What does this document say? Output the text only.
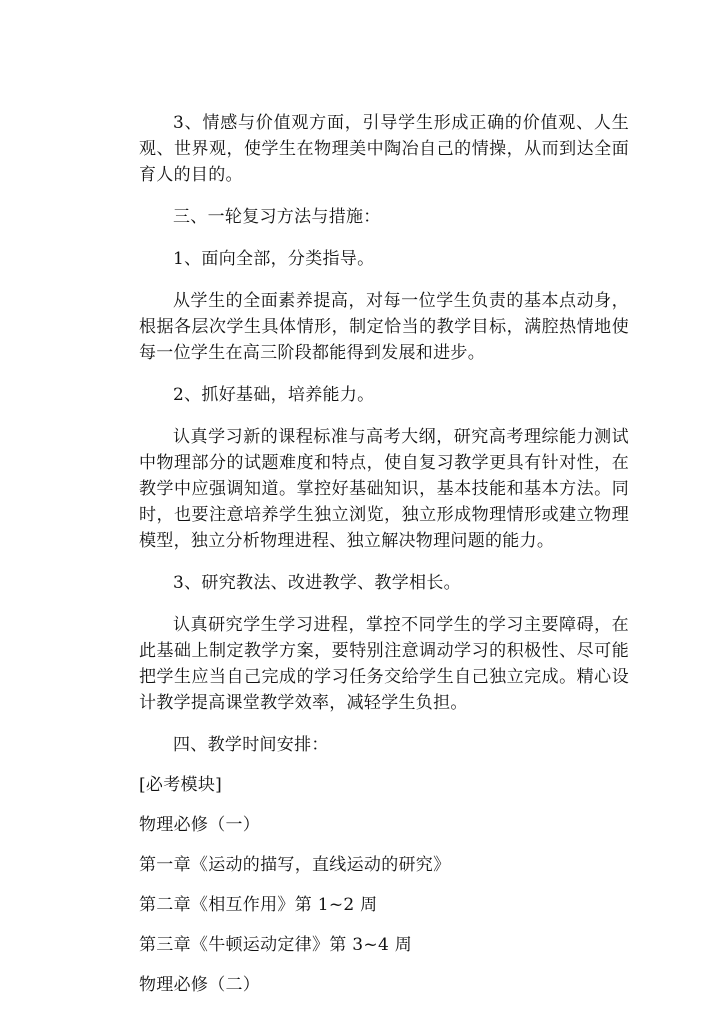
3、情感与价值观方面，引导学生形成正确的价值观、人生观、世界观，使学生在物理美中陶冶自己的情操，从而到达全面育人的目的。

三、一轮复习方法与措施：

1、面向全部，分类指导。

从学生的全面素养提高，对每一位学生负责的基本点动身，根据各层次学生具体情形，制定恰当的教学目标，满腔热情地使每一位学生在高三阶段都能得到发展和进步。

2、抓好基础，培养能力。

认真学习新的课程标准与高考大纲，研究高考理综能力测试中物理部分的试题难度和特点，使自复习教学更具有针对性，在教学中应强调知道。掌控好基础知识，基本技能和基本方法。同时，也要注意培养学生独立浏览，独立形成物理情形或建立物理模型，独立分析物理进程、独立解决物理问题的能力。

3、研究教法、改进教学、教学相长。

认真研究学生学习进程，掌控不同学生的学习主要障碍，在此基础上制定教学方案，要特别注意调动学习的积极性、尽可能把学生应当自己完成的学习任务交给学生自己独立完成。精心设计教学提高课堂教学效率，减轻学生负担。

四、教学时间安排：

[必考模块]

物理必修（一）

第一章《运动的描写，直线运动的研究》

第二章《相互作用》第 1~2 周

第三章《牛顿运动定律》第 3~4 周

物理必修（二）
